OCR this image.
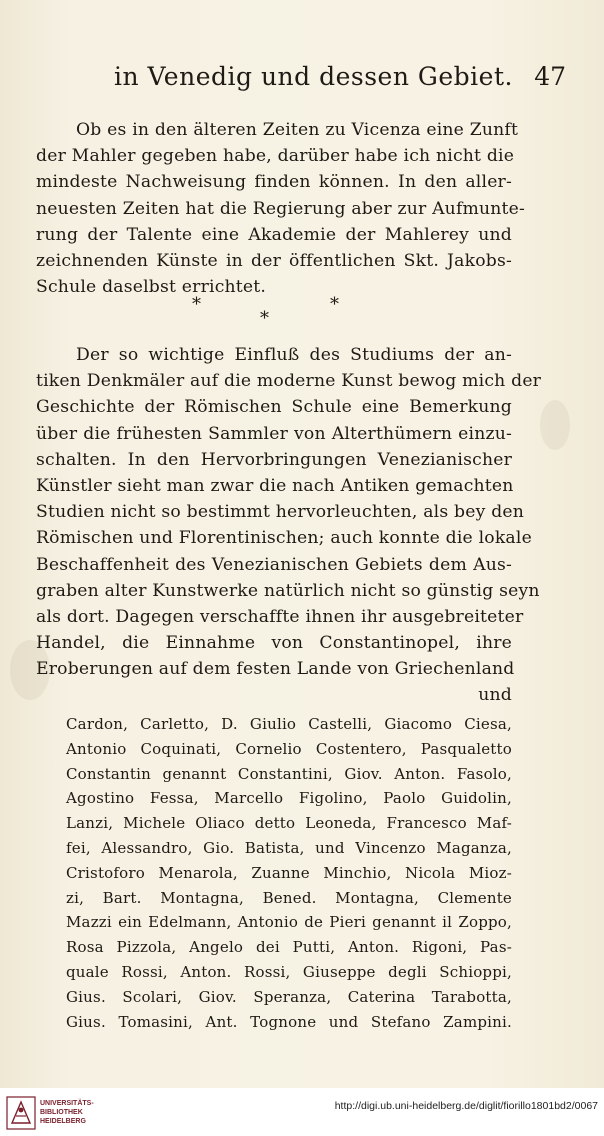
in Venedig und dessen Gebiet. 47
Ob es in den älteren Zeiten zu Vicenza eine Zunft
der Mahler gegeben habe, darüber habe ich nicht die
mindeste Nachweisung finden können. In den aller-
neuesten Zeiten hat die Regierung aber zur Aufmunte-
rung der Talente eine Akademie der Mahlerey und
zeichnenden Künste in der öffentlichen Skt. Jakobs-
Schule daselbst errichtet.
*
*
*
Der so wichtige Einfluß des Studiums der an-
tiken Denkmäler auf die moderne Kunst bewog mich der
Geschichte der Römischen Schule eine Bemerkung
über die frühesten Sammler von Alterthümern einzu-
schalten. In den Hervorbringungen Venezianischer
Künstler sieht man zwar die nach Antiken gemachten
Studien nicht so bestimmt hervorleuchten, als bey den
Römischen und Florentinischen; auch konnte die lokale
Beschaffenheit des Venezianischen Gebiets dem Aus-
graben alter Kunstwerke natürlich nicht so günstig seyn
als dort. Dagegen verschaffte ihnen ihr ausgebreiteter
Handel, die Einnahme von Constantinopel, ihre
Eroberungen auf dem festen Lande von Griechenland
und
Cardon, Carletto, D. Giulio Castelli, Giacomo Ciesa,
Antonio Coquinati, Cornelio Costentero, Pasqualetto
Constantin genannt Constantini, Giov. Anton. Fasolo,
Agostino Fessa, Marcello Figolino, Paolo Guidolin,
Lanzi, Michele Oliaco detto Leoneda, Francesco Maf-
fei, Alessandro, Gio. Batista, und Vincenzo Maganza,
Cristoforo Menarola, Zuanne Minchio, Nicola Mioz-
zi, Bart. Montagna, Bened. Montagna, Clemente
Mazzi ein Edelmann, Antonio de Pieri genannt il Zoppo,
Rosa Pizzola, Angelo dei Putti, Anton. Rigoni, Pas-
quale Rossi, Anton. Rossi, Giuseppe degli Schioppi,
Gius. Scolari, Giov. Speranza, Caterina Tarabotta,
Gius. Tomasini, Ant. Tognone und Stefano Zampini.
UNIVERSITÄTS-
BIBLIOTHEK
HEIDELBERG
http://digi.ub.uni-heidelberg.de/diglit/fiorillo1801bd2/0067
